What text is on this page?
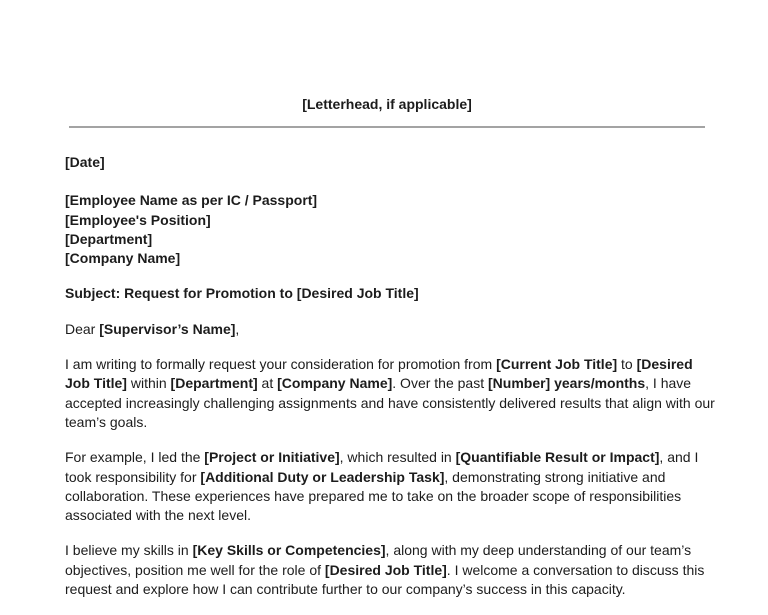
[Letterhead, if applicable]

[Date]

[Employee Name as per IC / Passport]

[Employee's Position]

[Department]

[Company Name]

Subject: Request for Promotion to [Desired Job Title]

Dear [Supervisor’s Name],

I am writing to formally request your consideration for promotion from [Current Job Title] to [Desired Job Title] within [Department] at [Company Name]. Over the past [Number] years/months, I have accepted increasingly challenging assignments and have consistently delivered results that align with our team’s goals.

For example, I led the [Project or Initiative], which resulted in [Quantifiable Result or Impact], and I took responsibility for [Additional Duty or Leadership Task], demonstrating strong initiative and collaboration. These experiences have prepared me to take on the broader scope of responsibilities associated with the next level.

I believe my skills in [Key Skills or Competencies], along with my deep understanding of our team’s objectives, position me well for the role of [Desired Job Title]. I welcome a conversation to discuss this request and explore how I can contribute further to our company’s success in this capacity.
